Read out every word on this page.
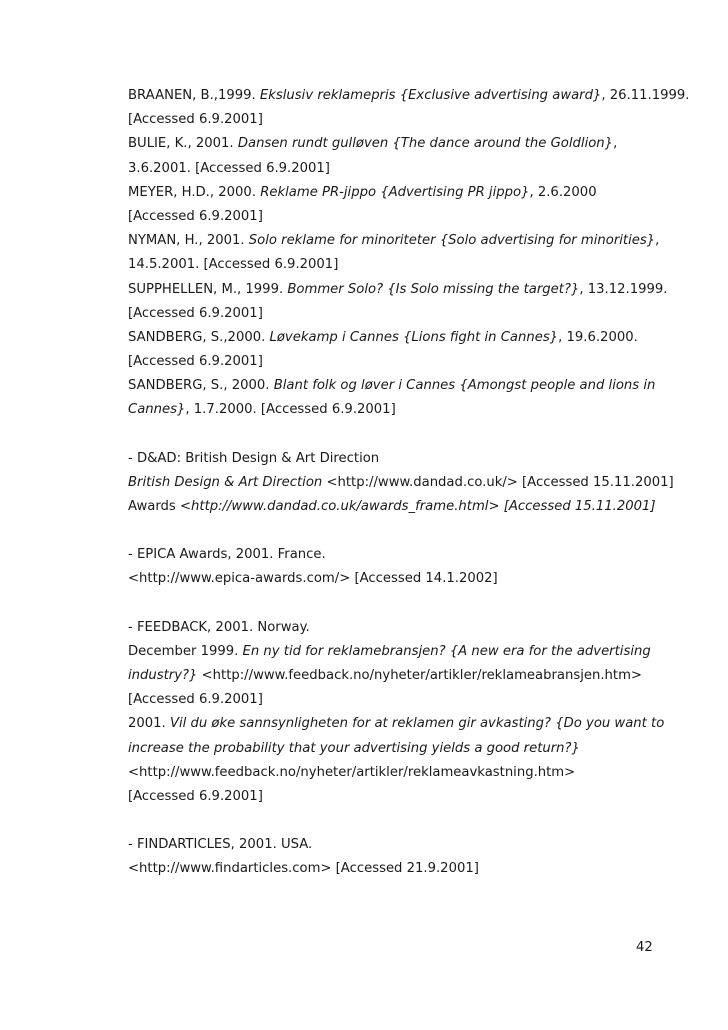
BRAANEN, B.,1999. Ekslusiv reklamepris {Exclusive advertising award}, 26.11.1999.
[Accessed 6.9.2001]
BULIE, K., 2001. Dansen rundt gulløven {The dance around the Goldlion},
3.6.2001. [Accessed 6.9.2001]
MEYER, H.D., 2000. Reklame PR-jippo {Advertising PR jippo}, 2.6.2000
[Accessed 6.9.2001]
NYMAN, H., 2001. Solo reklame for minoriteter {Solo advertising for minorities},
14.5.2001. [Accessed 6.9.2001]
SUPPHELLEN, M., 1999. Bommer Solo? {Is Solo missing the target?}, 13.12.1999.
[Accessed 6.9.2001]
SANDBERG, S.,2000. Løvekamp i Cannes {Lions fight in Cannes}, 19.6.2000.
[Accessed 6.9.2001]
SANDBERG, S., 2000. Blant folk og løver i Cannes {Amongst people and lions in
Cannes}, 1.7.2000. [Accessed 6.9.2001]
- D&AD: British Design & Art Direction
British Design & Art Direction <http://www.dandad.co.uk/> [Accessed 15.11.2001]
Awards <http://www.dandad.co.uk/awards_frame.html> [Accessed 15.11.2001]
- EPICA Awards, 2001. France.
<http://www.epica-awards.com/> [Accessed 14.1.2002]
- FEEDBACK, 2001. Norway.
December 1999. En ny tid for reklamebransjen? {A new era for the advertising
industry?} <http://www.feedback.no/nyheter/artikler/reklameabransjen.htm>
[Accessed 6.9.2001]
2001. Vil du øke sannsynligheten for at reklamen gir avkasting? {Do you want to
increase the probability that your advertising yields a good return?}
<http://www.feedback.no/nyheter/artikler/reklameavkastning.htm>
[Accessed 6.9.2001]
- FINDARTICLES, 2001. USA.
<http://www.findarticles.com> [Accessed 21.9.2001]
42
